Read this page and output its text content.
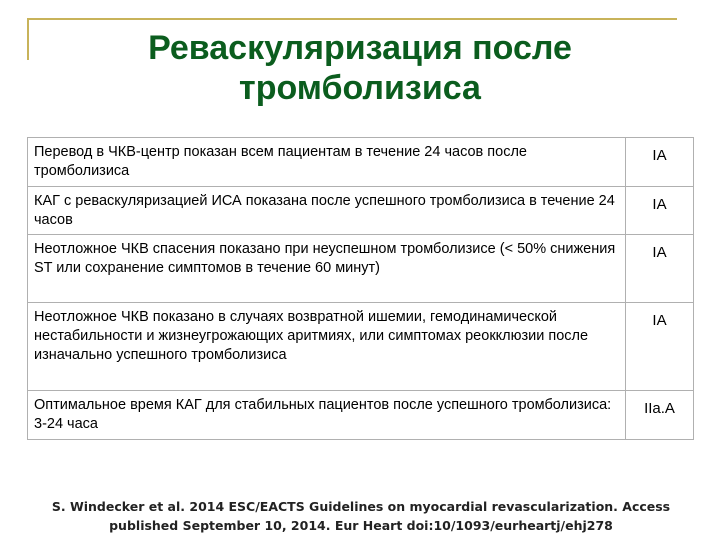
Реваскуляризация после
тромболизиса
Перевод в ЧКВ-центр показан всем пациентам в течение 24 часов после тромболизиса	IA
КАГ с реваскуляризацией ИСА показана после успешного тромболизиса в течение 24 часов	IA
Неотложное ЧКВ спасения показано при неуспешном тромболизисе (< 50% снижения ST или сохранение симптомов в течение 60 минут)	IA
Неотложное ЧКВ показано в случаях возвратной ишемии, гемодинамической нестабильности и жизнеугрожающих аритмиях, или симптомах реокклюзии после изначально успешного тромболизиса	IA
Оптимальное время КАГ для стабильных пациентов после успешного тромболизиса: 3-24 часа	IIa.A
S. Windecker et al. 2014 ESC/EACTS Guidelines on myocardial revascularization. Access
published September 10, 2014. Eur Heart doi:10/1093/eurheartj/ehj278
